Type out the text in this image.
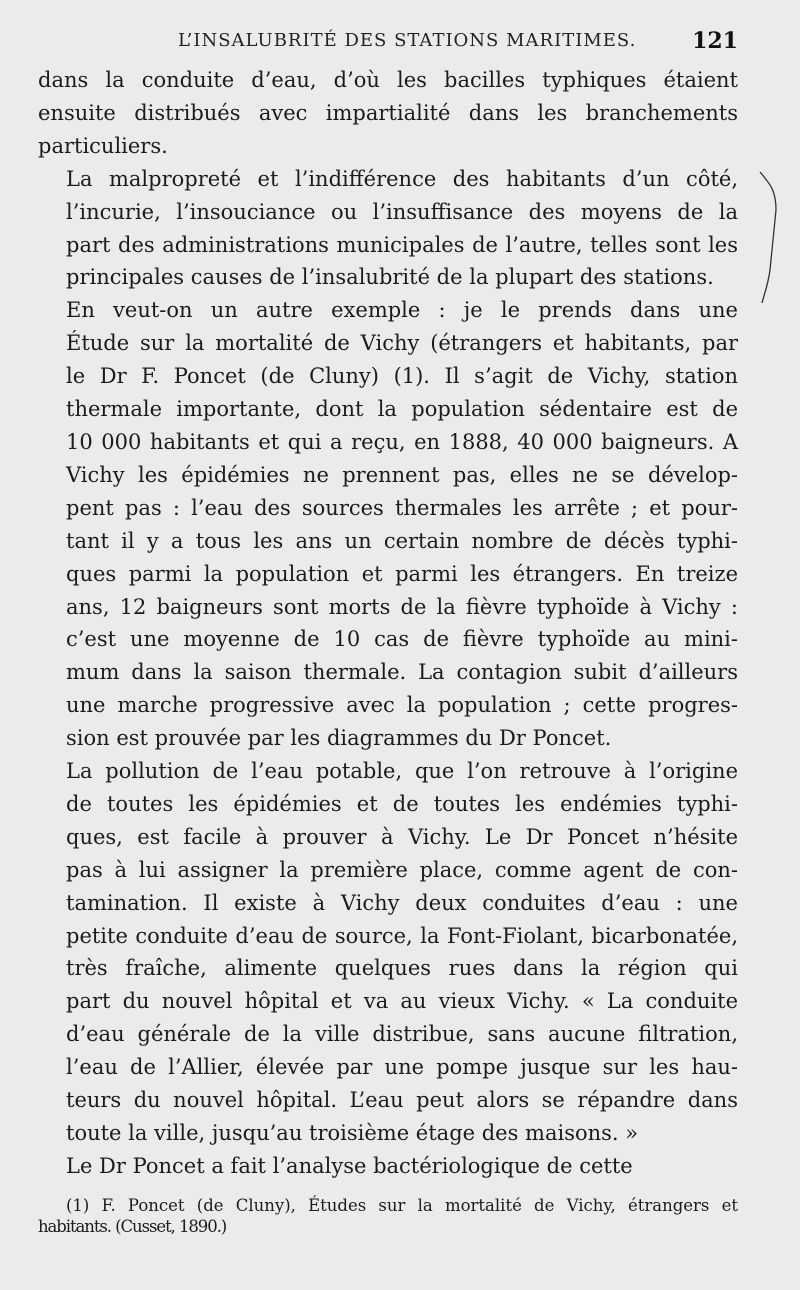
L’INSALUBRITÉ DES STATIONS MARITIMES.	121

dans la conduite d’eau, d’où les bacilles typhiques étaient
ensuite distribués avec impartialité dans les branchements
particuliers.

La malpropreté et l’indifférence des habitants d’un côté,
l’incurie, l’insouciance ou l’insuffisance des moyens de la
part des administrations municipales de l’autre, telles sont les
principales causes de l’insalubrité de la plupart des stations.

En veut-on un autre exemple : je le prends dans une
Étude sur la mortalité de Vichy (étrangers et habitants, par
le Dr F. Poncet (de Cluny) (1). Il s’agit de Vichy, station
thermale importante, dont la population sédentaire est de
10 000 habitants et qui a reçu, en 1888, 40 000 baigneurs. A
Vichy les épidémies ne prennent pas, elles ne se dévelop-
pent pas : l’eau des sources thermales les arrête ; et pour-
tant il y a tous les ans un certain nombre de décès typhi-
ques parmi la population et parmi les étrangers. En treize
ans, 12 baigneurs sont morts de la fièvre typhoïde à Vichy :
c’est une moyenne de 10 cas de fièvre typhoïde au mini-
mum dans la saison thermale. La contagion subit d’ailleurs
une marche progressive avec la population ; cette progres-
sion est prouvée par les diagrammes du Dr Poncet.

La pollution de l’eau potable, que l’on retrouve à l’origine
de toutes les épidémies et de toutes les endémies typhi-
ques, est facile à prouver à Vichy. Le Dr Poncet n’hésite
pas à lui assigner la première place, comme agent de con-
tamination. Il existe à Vichy deux conduites d’eau : une
petite conduite d’eau de source, la Font-Fiolant, bicarbonatée,
très fraîche, alimente quelques rues dans la région qui
part du nouvel hôpital et va au vieux Vichy. « La conduite
d’eau générale de la ville distribue, sans aucune filtration,
l’eau de l’Allier, élevée par une pompe jusque sur les hau-
teurs du nouvel hôpital. L’eau peut alors se répandre dans
toute la ville, jusqu’au troisième étage des maisons. »

Le Dr Poncet a fait l’analyse bactériologique de cette

(1) F. Poncet (de Cluny), Études sur la mortalité de Vichy, étrangers et
habitants. (Cusset, 1890.)
